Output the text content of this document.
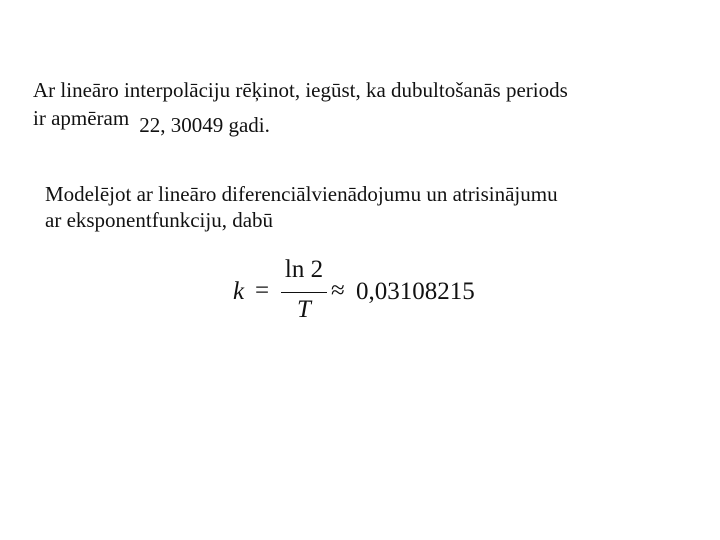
Ar lineāro interpolāciju rēķinot, iegūst, ka dubultošanās periods
ir apmēram 22, 30049 gadi.
Modelējot ar lineāro diferenciālvienādojumu un atrisinājumu
ar eksponentfunkciju, dabū
k =
ln 2
T
≈ 0,03108215
